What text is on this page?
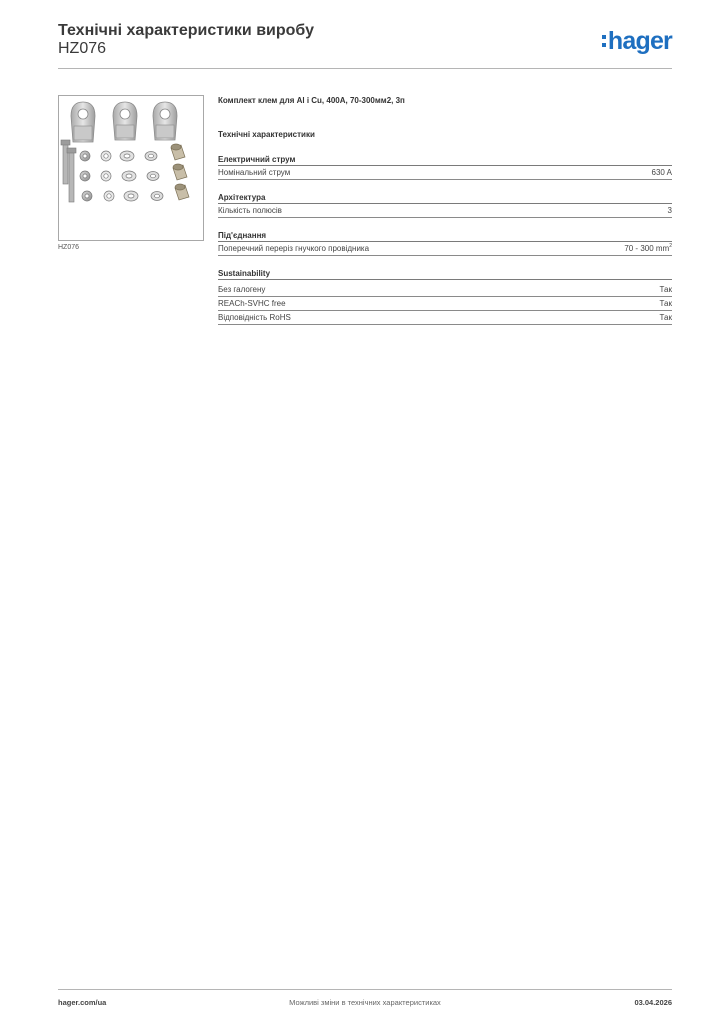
Технічні характеристики виробу
HZ076	hager
HZ076
Комплект клем для Al i Cu, 400A, 70-300мм2, 3п
Технічні характеристики
Електричний струм
Номінальний струм	630 A
Архітектура
Кількість полюсів	3
Під'єднання
Поперечний переріз гнучкого провідника	70 - 300 $mm^2$
Sustainability
Без галогену	Так
REACh-SVHC free	Так
Відповідність RoHS	Так
hager.com/ua	Можливі зміни в технічних характеристиках	03.04.2026
